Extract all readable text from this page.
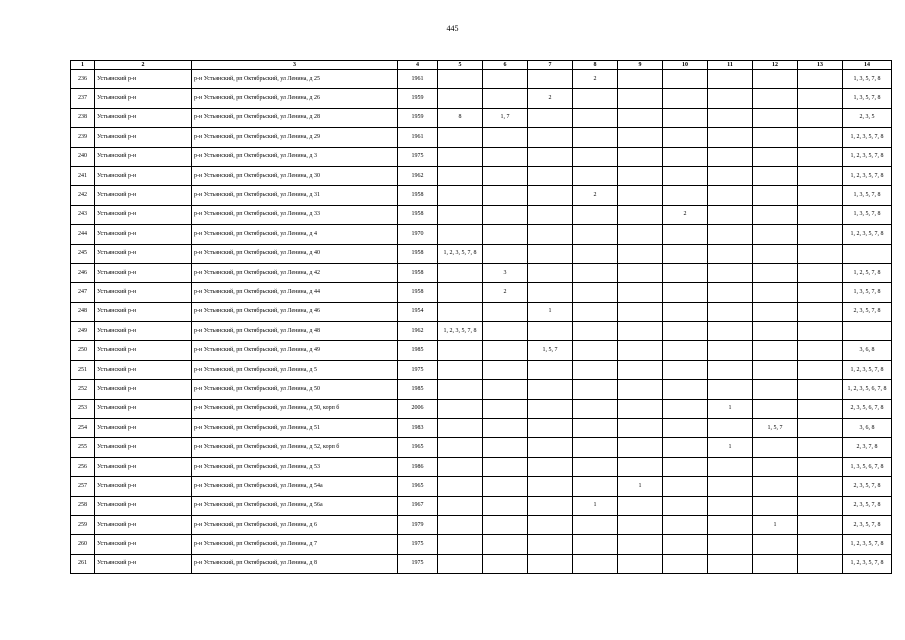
445
1	2	3	4	5	6	7	8	9	10	11	12	13	14
236	Устьянский р-н	р-н Устьянский, рп Октябрьский, ул Ленина, д 25	1961				2						1, 3, 5, 7, 8
237	Устьянский р-н	р-н Устьянский, рп Октябрьский, ул Ленина, д 26	1959			2							1, 3, 5, 7, 8
238	Устьянский р-н	р-н Устьянский, рп Октябрьский, ул Ленина, д 28	1959	8	1, 7								2, 3, 5
239	Устьянский р-н	р-н Устьянский, рп Октябрьский, ул Ленина, д 29	1961										1, 2, 3, 5, 7, 8
240	Устьянский р-н	р-н Устьянский, рп Октябрьский, ул Ленина, д 3	1975										1, 2, 3, 5, 7, 8
241	Устьянский р-н	р-н Устьянский, рп Октябрьский, ул Ленина, д 30	1962										1, 2, 3, 5, 7, 8
242	Устьянский р-н	р-н Устьянский, рп Октябрьский, ул Ленина, д 31	1958				2						1, 3, 5, 7, 8
243	Устьянский р-н	р-н Устьянский, рп Октябрьский, ул Ленина, д 33	1958						2				1, 3, 5, 7, 8
244	Устьянский р-н	р-н Устьянский, рп Октябрьский, ул Ленина, д 4	1970										1, 2, 3, 5, 7, 8
245	Устьянский р-н	р-н Устьянский, рп Октябрьский, ул Ленина, д 40	1958	1, 2, 3, 5, 7, 8									
246	Устьянский р-н	р-н Устьянский, рп Октябрьский, ул Ленина, д 42	1958		3								1, 2, 5, 7, 8
247	Устьянский р-н	р-н Устьянский, рп Октябрьский, ул Ленина, д 44	1958		2								1, 3, 5, 7, 8
248	Устьянский р-н	р-н Устьянский, рп Октябрьский, ул Ленина, д 46	1954			1							2, 3, 5, 7, 8
249	Устьянский р-н	р-н Устьянский, рп Октябрьский, ул Ленина, д 48	1962	1, 2, 3, 5, 7, 8									
250	Устьянский р-н	р-н Устьянский, рп Октябрьский, ул Ленина, д 49	1985			1, 5, 7							3, 6, 8
251	Устьянский р-н	р-н Устьянский, рп Октябрьский, ул Ленина, д 5	1975										1, 2, 3, 5, 7, 8
252	Устьянский р-н	р-н Устьянский, рп Октябрьский, ул Ленина, д 50	1985										1, 2, 3, 5, 6, 7, 8
253	Устьянский р-н	р-н Устьянский, рп Октябрьский, ул Ленина, д 50, корп б	2006							1			2, 3, 5, 6, 7, 8
254	Устьянский р-н	р-н Устьянский, рп Октябрьский, ул Ленина, д 51	1983								1, 5, 7		3, 6, 8
255	Устьянский р-н	р-н Устьянский, рп Октябрьский, ул Ленина, д 52, корп б	1965							1			2, 3, 7, 8
256	Устьянский р-н	р-н Устьянский, рп Октябрьский, ул Ленина, д 53	1986										1, 3, 5, 6, 7, 8
257	Устьянский р-н	р-н Устьянский, рп Октябрьский, ул Ленина, д 54а	1965					1					2, 3, 5, 7, 8
258	Устьянский р-н	р-н Устьянский, рп Октябрьский, ул Ленина, д 56а	1967				1						2, 3, 5, 7, 8
259	Устьянский р-н	р-н Устьянский, рп Октябрьский, ул Ленина, д 6	1979								1		2, 3, 5, 7, 8
260	Устьянский р-н	р-н Устьянский, рп Октябрьский, ул Ленина, д 7	1975										1, 2, 3, 5, 7, 8
261	Устьянский р-н	р-н Устьянский, рп Октябрьский, ул Ленина, д 8	1975										1, 2, 3, 5, 7, 8
